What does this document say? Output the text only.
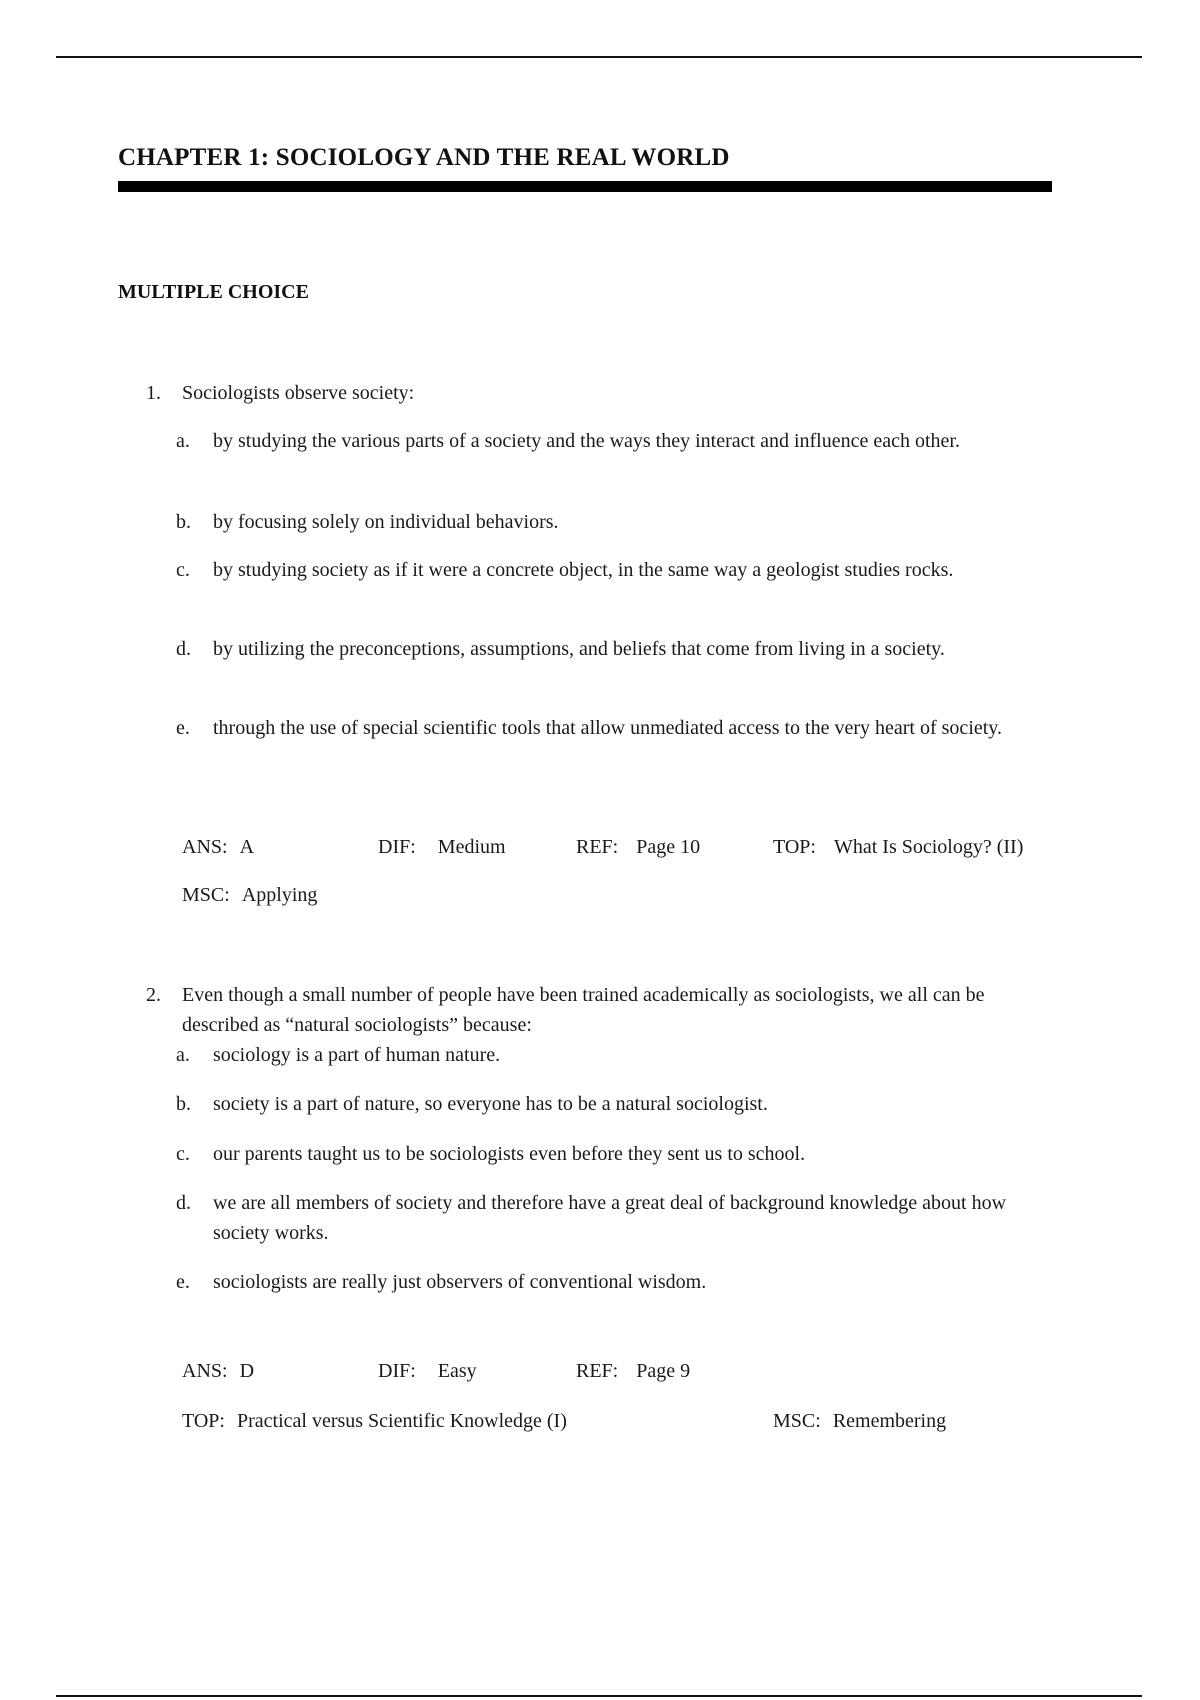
CHAPTER 1: SOCIOLOGY AND THE REAL WORLD
MULTIPLE CHOICE
1. Sociologists observe society:
a. by studying the various parts of a society and the ways they interact and influence each other.
b. by focusing solely on individual behaviors.
c. by studying society as if it were a concrete object, in the same way a geologist studies rocks.
d. by utilizing the preconceptions, assumptions, and beliefs that come from living in a society.
e. through the use of special scientific tools that allow unmediated access to the very heart of society.
ANS: A	DIF: Medium	REF: Page 10	TOP: What Is Sociology? (II)
MSC: Applying
2. Even though a small number of people have been trained academically as sociologists, we all can be described as “natural sociologists” because:
a. sociology is a part of human nature.
b. society is a part of nature, so everyone has to be a natural sociologist.
c. our parents taught us to be sociologists even before they sent us to school.
d. we are all members of society and therefore have a great deal of background knowledge about how society works.
e. sociologists are really just observers of conventional wisdom.
ANS: D	DIF: Easy	REF: Page 9
TOP: Practical versus Scientific Knowledge (I)	MSC: Remembering
